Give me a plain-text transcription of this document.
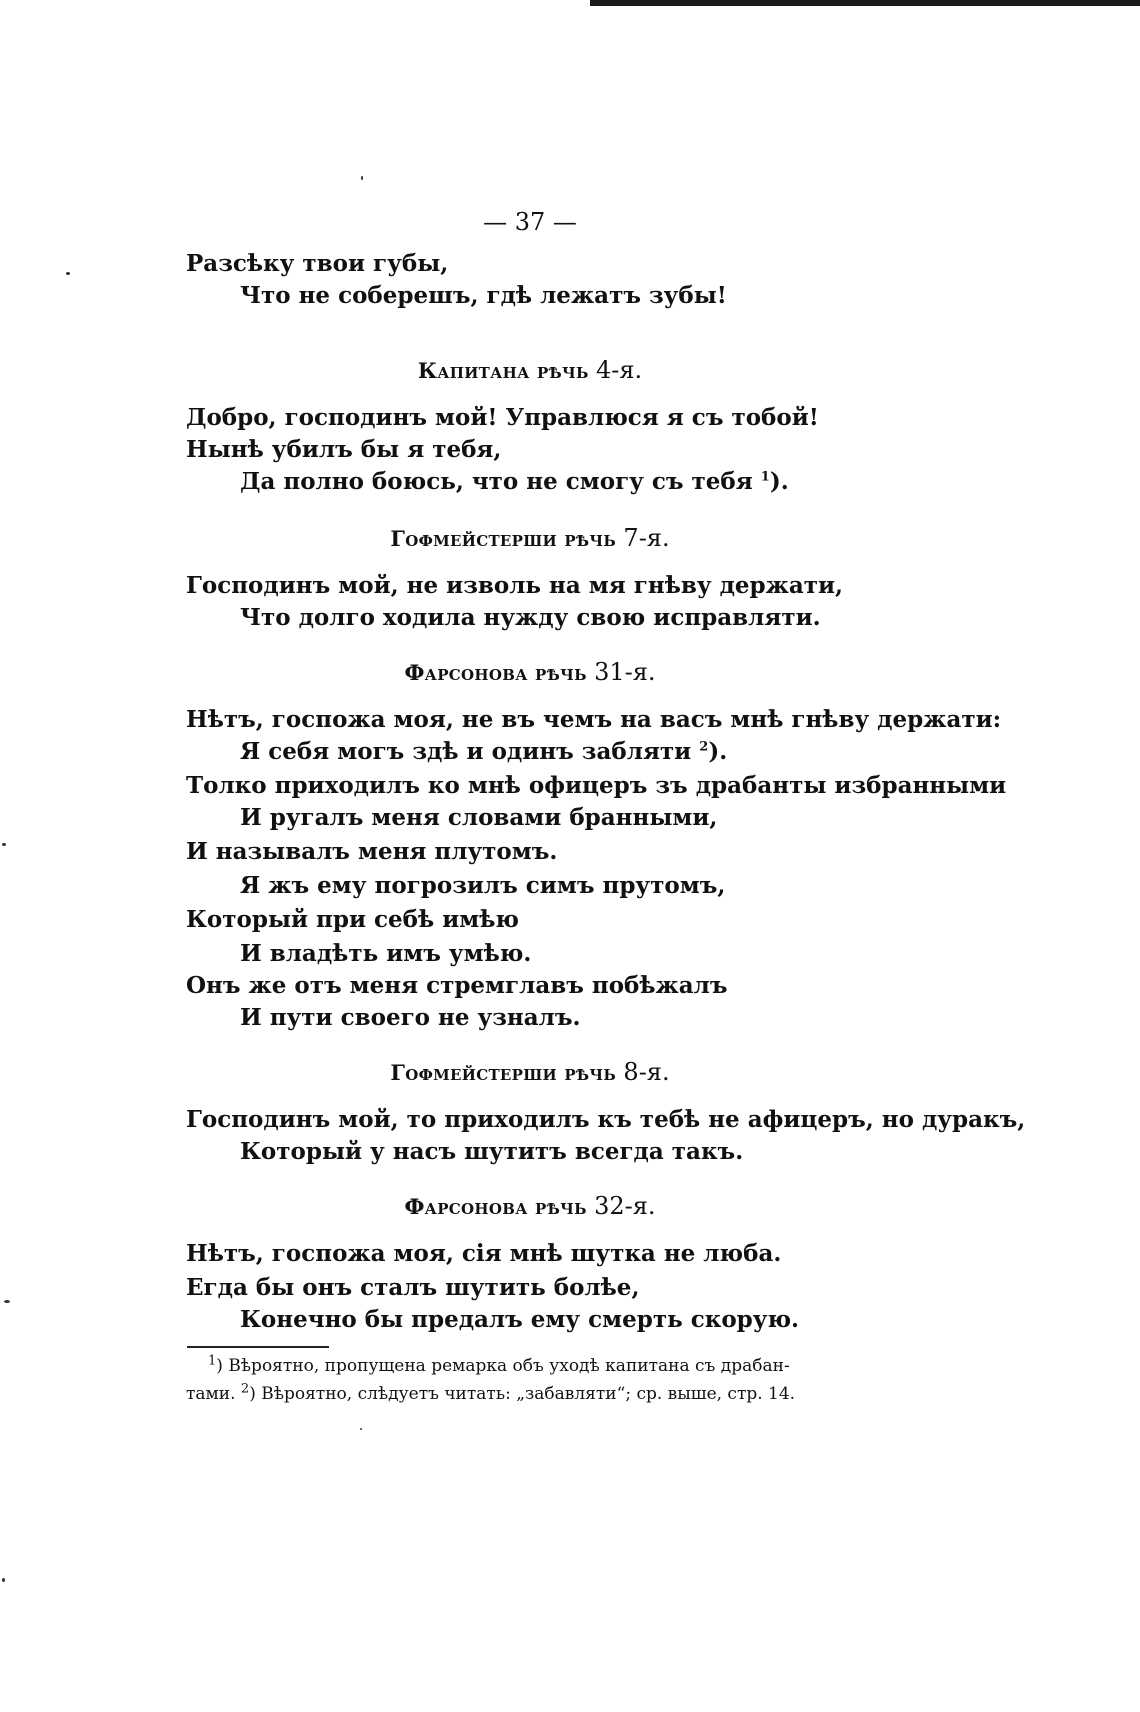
— 37 —
Разсѣку твои губы,
Что не соберешъ, гдѣ лежатъ зубы!
Капитана рѣчь 4-я.
Добро, господинъ мой! Управлюся я съ тобой!
Нынѣ убилъ бы я тебя,
Да полно боюсь, что не смогу съ тебя $^1$).
Гофмейстерши рѣчь 7-я.
Господинъ мой, не изволь на мя гнѣву держати,
Что долго ходила нужду свою исправляти.
Фарсонова рѣчь 31-я.
Нѣтъ, госпожа моя, не въ чемъ на васъ мнѣ гнѣву держати:
Я себя могъ здѣ и одинъ забляти $^2$).
Толко приходилъ ко мнѣ офицеръ зъ драбанты избранными
И ругалъ меня словами бранными,
И называлъ меня плутомъ.
Я жъ ему погрозилъ симъ прутомъ,
Который при себѣ имѣю
И владѣть имъ умѣю.
Онъ же отъ меня стремглавъ побѣжалъ
И пути своего не узналъ.
Гофмейстерши рѣчь 8-я.
Господинъ мой, то приходилъ къ тебѣ не афицеръ, но дуракъ,
Который у насъ шутитъ всегда такъ.
Фарсонова рѣчь 32-я.
Нѣтъ, госпожа моя, сія мнѣ шутка не люба.
Егда бы онъ сталъ шутить болѣе,
Конечно бы предалъ ему смерть скорую.
$^1$) Вѣроятно, пропущена ремарка объ уходѣ капитана съ драбан-
тами. $^2$) Вѣроятно, слѣдуетъ читать: „забавляти“; ср. выше, стр. 14.
